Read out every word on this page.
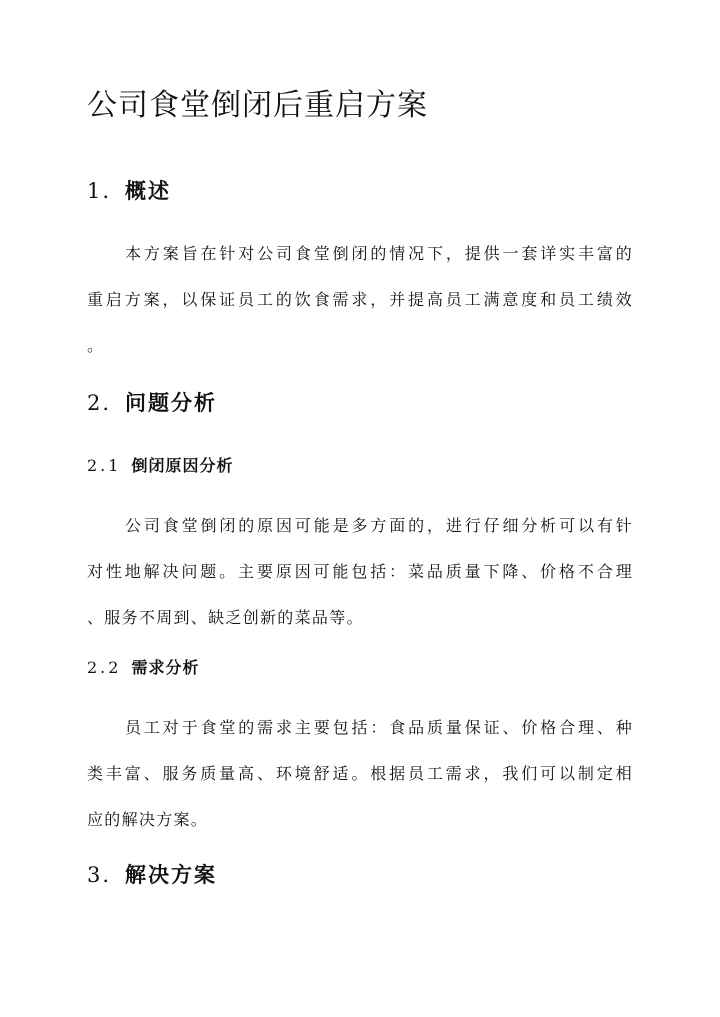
公司食堂倒闭后重启方案
1. 概述
本方案旨在针对公司食堂倒闭的情况下，提供一套详实丰富的
重启方案，以保证员工的饮食需求，并提高员工满意度和员工绩效
。
2. 问题分析
2.1 倒闭原因分析
公司食堂倒闭的原因可能是多方面的，进行仔细分析可以有针
对性地解决问题。主要原因可能包括：菜品质量下降、价格不合理
、服务不周到、缺乏创新的菜品等。
2.2 需求分析
员工对于食堂的需求主要包括：食品质量保证、价格合理、种
类丰富、服务质量高、环境舒适。根据员工需求，我们可以制定相
应的解决方案。
3. 解决方案
